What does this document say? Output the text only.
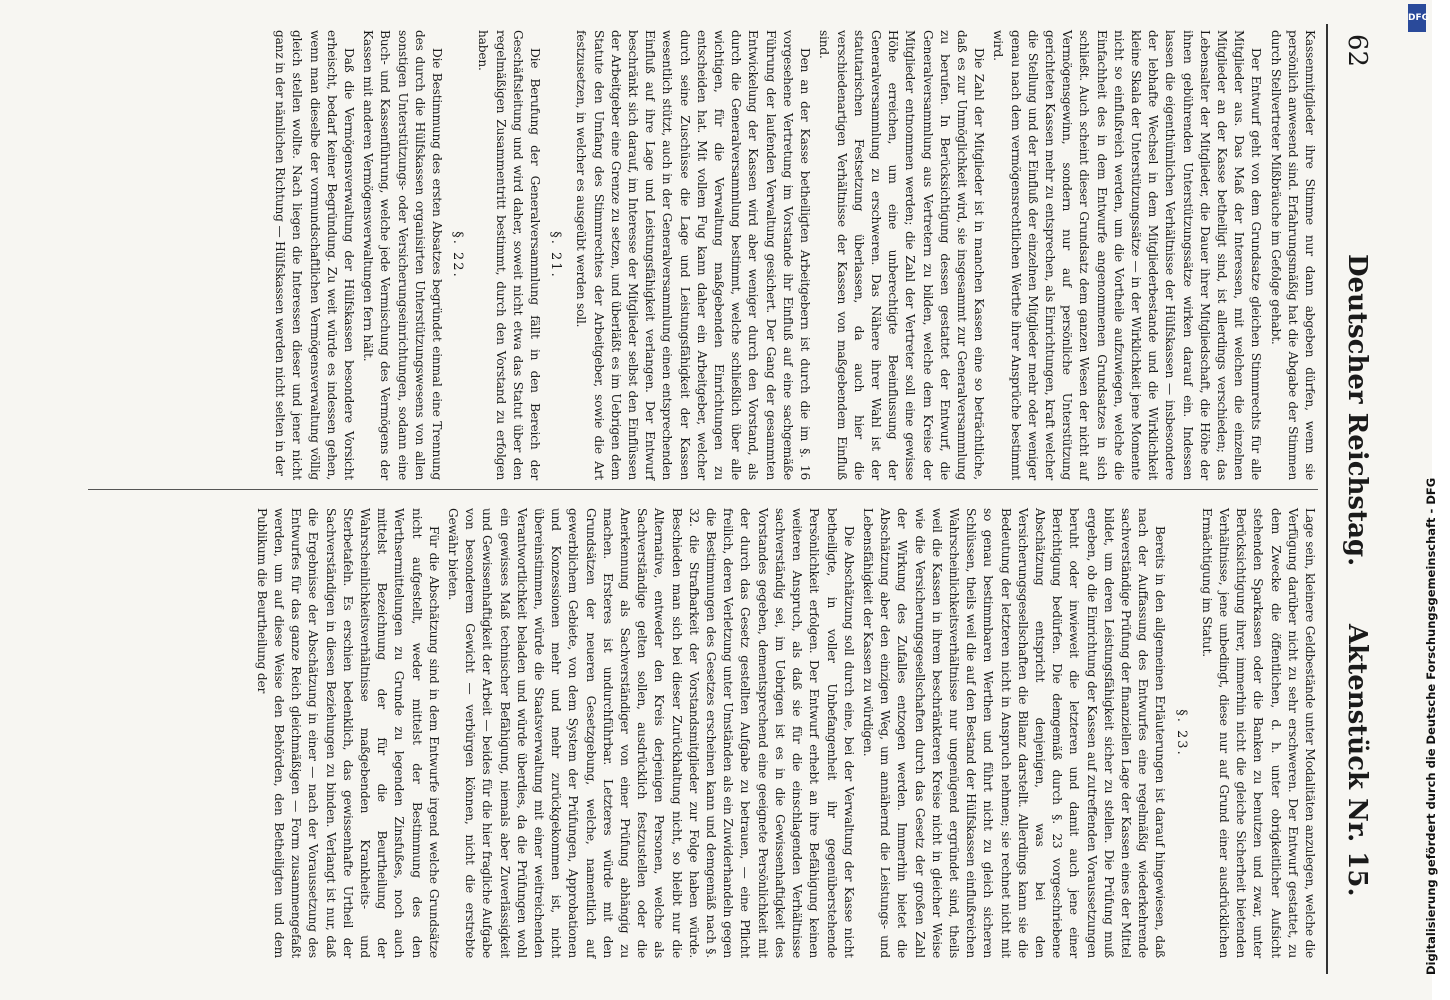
62
Deutscher Reichstag.
Aktenstück Nr. 15.

Kassenmitglieder ihre Stimme nur dann abgeben dürfen, wenn sie persönlich anwesend sind. Erfahrungsmäßig hat die Abgabe der Stimmen durch Stellvertreter Mißbräuche im Gefolge gehabt.

Der Entwurf geht von dem Grundsatze gleichen Stimmrechts für alle Mitglieder aus. Das Maß der Interessen, mit welchen die einzelnen Mitglieder an der Kasse betheiligt sind, ist allerdings verschieden; das Lebensalter der Mitglieder, die Dauer ihrer Mitgliedschaft, die Höhe der ihnen gebührenden Unterstützungssätze wirken darauf ein. Indessen lassen die eigenthümlichen Verhältnisse der Hülfskassen — insbesondere der lebhafte Wechsel in dem Mitgliederbestande und die Wirklichkeit kleine Skala der Unterstützungssätze — in der Wirklichkeit jene Momente nicht so einflußreich werden, um die Vortheile aufzuwiegen, welche die Einfachheit des in dem Entwurfe angenommenen Grundsatzes in sich schließt. Auch scheint dieser Grundsatz dem ganzen Wesen der nicht auf Vermögensgewinn, sondern nur auf persönliche Unterstützung gerichteten Kassen mehr zu entsprechen, als Einrichtungen, kraft welcher die Stellung und der Einfluß der einzelnen Mitglieder mehr oder weniger genau nach dem vermögensrechtlichen Werthe ihrer Ansprüche bestimmt wird.

Die Zahl der Mitglieder ist in manchen Kassen eine so beträchtliche, daß es zur Unmöglichkeit wird, sie insgesammt zur Generalversammlung zu berufen. In Berücksichtigung dessen gestattet der Entwurf, die Generalversammlung aus Vertretern zu bilden, welche dem Kreise der Mitglieder entnommen werden; die Zahl der Vertreter soll eine gewisse Höhe erreichen, um eine unberechtigte Beeinflussung der Generalversammlung zu erschweren. Das Nähere ihrer Wahl ist der statutarischen Festsetzung überlassen, da auch hier die verschiedenartigen Verhältnisse der Kassen von maßgebendem Einfluß sind.

Den an der Kasse betheiligten Arbeitgebern ist durch die im §. 16 vorgesehene Vertretung im Vorstande ihr Einfluß auf eine sachgemäße Führung der laufenden Verwaltung gesichert. Der Gang der gesammten Entwickelung der Kassen wird aber weniger durch den Vorstand, als durch die Generalversammlung bestimmt, welche schließlich über alle wichtigen, für die Verwaltung maßgebenden Einrichtungen zu entscheiden hat. Mit vollem Fug kann daher ein Arbeitgeber, welcher durch seine Zuschüsse die Lage und Leistungsfähigkeit der Kassen wesentlich stützt, auch in der Generalversammlung einen entsprechenden Einfluß auf ihre Lage und Leistungsfähigkeit verlangen. Der Entwurf beschränkt sich darauf, im Interesse der Mitglieder selbst den Einflüssen der Arbeitgeber eine Grenze zu setzen, und überläßt es im Uebrigen dem Statute den Umfang des Stimmrechtes der Arbeitgeber, sowie die Art festzusetzen, in welcher es ausgeübt werden soll.

§. 21.

Die Berufung der Generalversammlung fällt in den Bereich der Geschäftsleitung und wird daher, soweit nicht etwa das Statut über den regelmäßigen Zusammentritt bestimmt, durch den Vorstand zu erfolgen haben.

§. 22.

Die Bestimmung des ersten Absatzes begründet einmal eine Trennung des durch die Hülfskassen organisirten Unterstützungswesens von allen sonstigen Unterstützungs- oder Versicherungseinrichtungen, sodann eine Buch- und Kassenführung, welche jede Vermischung des Vermögens der Kassen mit anderen Vermögensverwaltungen fern hält.

Daß die Vermögensverwaltung der Hülfskassen besondere Vorsicht erheischt, bedarf keiner Begründung. Zu weit würde es indessen gehen, wenn man dieselbe der vormundschaftlichen Vermögensverwaltung völlig gleich stellen wollte. Nach liegen die Interessen dieser und jener nicht ganz in der nämlichen Richtung — Hülfskassen werden nicht selten in der

Lage sein, kleinere Geldbestände unter Modalitäten anzulegen, welche die Verfügung darüber nicht zu sehr erschweren. Der Entwurf gestattet, zu dem Zwecke die öffentlichen, d. h. unter obrigkeitlicher Aufsicht stehenden Sparkassen oder die Banken zu benutzen und zwar, unter Berücksichtigung ihrer, immerhin nicht die gleiche Sicherheit bietenden Verhältnisse, jene unbedingt, diese nur auf Grund einer ausdrücklichen Ermächtigung im Statut.

§. 23.

Bereits in den allgemeinen Erläuterungen ist darauf hingewiesen, daß nach der Auffassung des Entwurfes eine regelmäßig wiederkehrende sachverständige Prüfung der finanziellen Lage der Kassen eines der Mittel bildet, um deren Leistungsfähigkeit sicher zu stellen. Die Prüfung muß ergeben, ob die Einrichtung der Kassen auf zutreffenden Voraussetzungen beruht oder inwieweit die letzteren und damit auch jene einer Berichtigung bedürfen. Die demgemäß durch §. 23 vorgeschriebene Abschätzung entspricht denjenigen, was bei den Versicherungsgesellschaften die Bilanz darstellt. Allerdings kann sie die Bedeutung der letzteren nicht in Anspruch nehmen; sie rechnet nicht mit so genau bestimmbaren Werthen und führt nicht zu gleich sicheren Schlüssen, theils weil die auf den Bestand der Hülfskassen einflußreichen Wahrscheinlichkeitsverhältnisse nur ungenügend ergründet sind, theils weil die Kassen in ihrem beschränkteren Kreise nicht in gleicher Weise wie die Versicherungsgesellschaften durch das Gesetz der großen Zahl der Wirkung des Zufalles entzogen werden. Immerhin bietet die Abschätzung aber den einzigen Weg, um annähernd die Leistungs- und Lebensfähigkeit der Kassen zu würdigen.

Die Abschätzung soll durch eine, bei der Verwaltung der Kasse nicht betheiligte, in voller Unbefangenheit ihr gegenüberstehende Persönlichkeit erfolgen. Der Entwurf erhebt an ihre Befähigung keinen weiteren Anspruch, als daß sie für die einschlagenden Verhältnisse sachverständig sei, im Uebrigen ist es in die Gewissenhaftigkeit des Vorstandes gegeben, dementsprechend eine geeignete Persönlichkeit mit der durch das Gesetz gestellten Aufgabe zu betrauen, — eine Pflicht freilich, deren Verletzung unter Umständen als ein Zuwiderhandeln gegen die Bestimmungen des Gesetzes erscheinen kann und demgemäß nach §. 32. die Strafbarkeit der Vorstandsmitglieder zur Folge haben würde. Beschieden man sich bei dieser Zurückhaltung nicht, so bleibt nur die Alternative, entweder den Kreis derjenigen Personen, welche als Sachverständige gelten sollen, ausdrücklich festzustellen oder die Anerkennung als Sachverständiger von einer Prüfung abhängig zu machen. Ersteres ist undurchführbar. Letzteres würde mit den Grundsätzen der neueren Gesetzgebung, welche, namentlich auf gewerblichem Gebiete, von dem System der Prüfungen, Approbationen und Konzessionen mehr und mehr zurückgekommen ist, nicht übereinstimmen, würde die Staatsverwaltung mit einer weitreichenden Verantwortlichkeit beladen und würde überdies, da die Prüfungen wohl ein gewisses Maß technischer Befähigung, niemals aber Zuverlässigkeit und Gewissenhaftigkeit der Arbeit — beides für die hier fragliche Aufgabe von besonderem Gewicht — verbürgen können, nicht die erstrebte Gewähr bieten.

Für die Abschätzung sind in dem Entwurfe irgend welche Grundsätze nicht aufgestellt, weder mittelst der Bestimmung des den Werthsermittelungen zu Grunde zu legenden Zinsfußes, noch auch mittelst Bezeichnung der für die Beurtheilung der Wahrscheinlichkeitsverhältnisse maßgebenden Krankheits- und Sterbetafeln. Es erschien bedenklich, das gewissenhafte Urtheil der Sachverständigen in diesen Beziehungen zu binden. Verlangt ist nur, daß die Ergebnisse der Abschätzung in einer — nach der Voraussetzung des Entwurfes für das ganze Reich gleichmäßigen — Form zusammengefaßt werden, um auf diese Weise den Behörden, den Betheiligten und dem Publikum die Beurtheilung der

DFG
Digitalisierung gefördert durch die Deutsche Forschungsgemeinschaft - DFG
